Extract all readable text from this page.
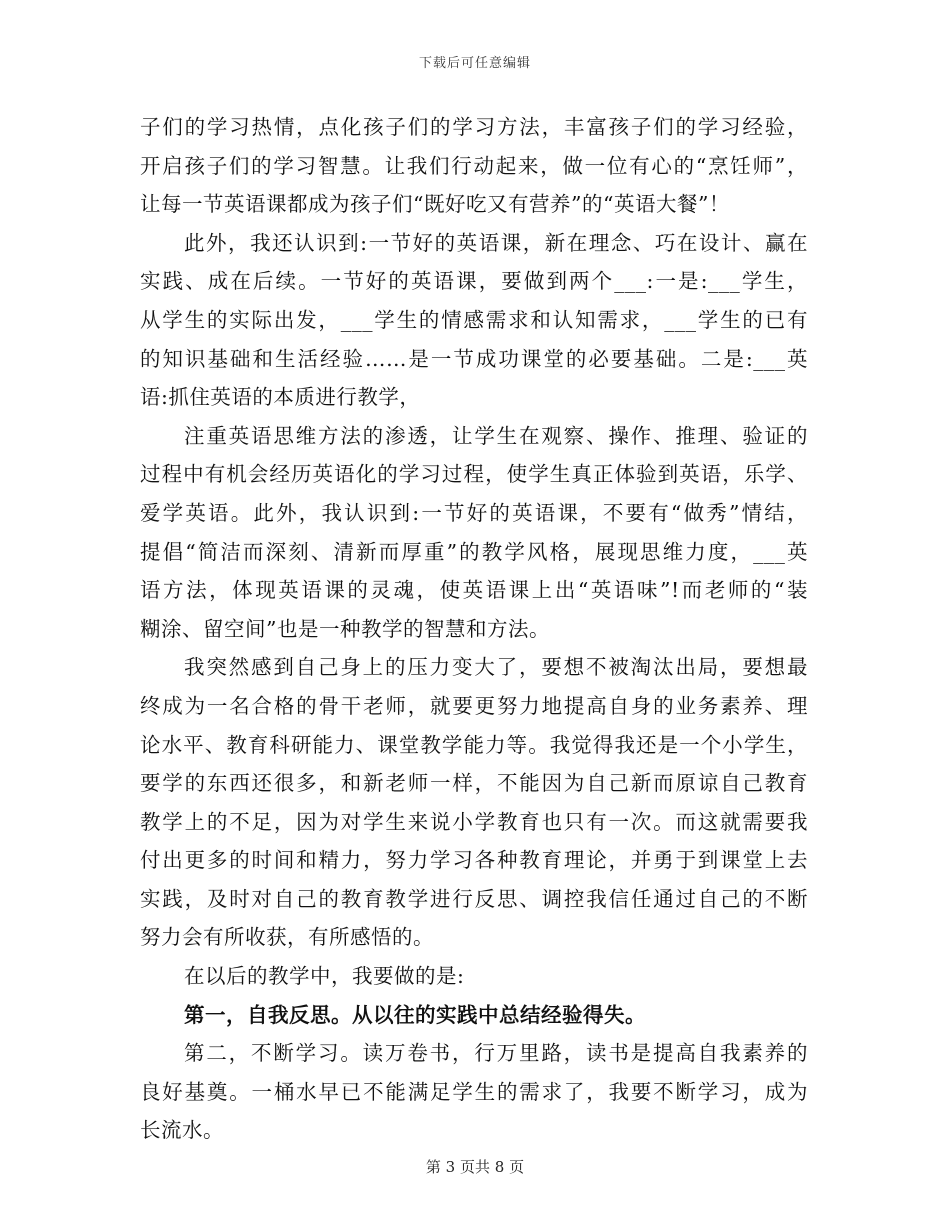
下载后可任意编辑
子们的学习热情，点化孩子们的学习方法，丰富孩子们的学习经验，
开启孩子们的学习智慧。让我们行动起来，做一位有心的“烹饪师”，
让每一节英语课都成为孩子们“既好吃又有营养”的“英语大餐”！
此外，我还认识到:一节好的英语课，新在理念、巧在设计、赢在
实践、成在后续。一节好的英语课，要做到两个___:一是:___学生，
从学生的实际出发，___学生的情感需求和认知需求，___学生的已有
的知识基础和生活经验……是一节成功课堂的必要基础。二是:___英
语:抓住英语的本质进行教学，
注重英语思维方法的渗透，让学生在观察、操作、推理、验证的
过程中有机会经历英语化的学习过程，使学生真正体验到英语，乐学、
爱学英语。此外，我认识到:一节好的英语课，不要有“做秀”情结，
提倡“简洁而深刻、清新而厚重”的教学风格，展现思维力度，___英
语方法，体现英语课的灵魂，使英语课上出“英语味”!而老师的“装
糊涂、留空间”也是一种教学的智慧和方法。
我突然感到自己身上的压力变大了，要想不被淘汰出局，要想最
终成为一名合格的骨干老师，就要更努力地提高自身的业务素养、理
论水平、教育科研能力、课堂教学能力等。我觉得我还是一个小学生，
要学的东西还很多，和新老师一样，不能因为自己新而原谅自己教育
教学上的不足，因为对学生来说小学教育也只有一次。而这就需要我
付出更多的时间和精力，努力学习各种教育理论，并勇于到课堂上去
实践，及时对自己的教育教学进行反思、调控我信任通过自己的不断
努力会有所收获，有所感悟的。
在以后的教学中，我要做的是:
第一，自我反思。从以往的实践中总结经验得失。
第二，不断学习。读万卷书，行万里路，读书是提高自我素养的
良好基奠。一桶水早已不能满足学生的需求了，我要不断学习，成为
长流水。
第 3 页共 8 页
